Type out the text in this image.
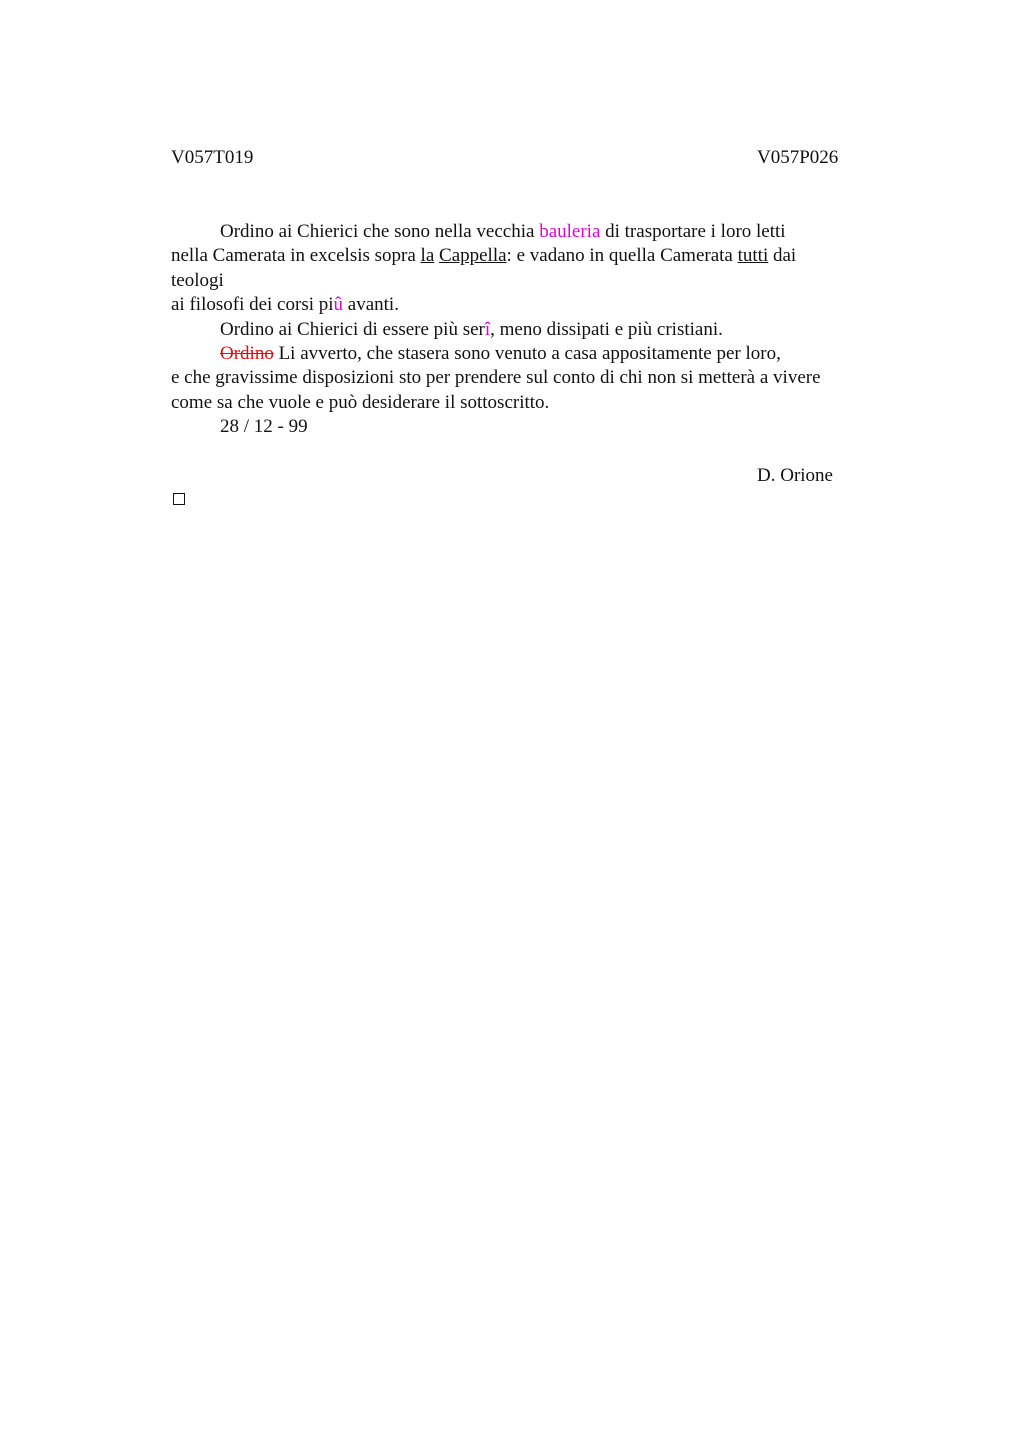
V057T019	V057P026
Ordino ai Chierici che sono nella vecchia bauleria di trasportare i loro letti
nella Camerata in excelsis sopra la Cappella: e vadano in quella Camerata tutti dai
teologi
ai filosofi dei corsi piû avanti.
Ordino ai Chierici di essere più serî, meno dissipati e più cristiani.
Ordino Li avverto, che stasera sono venuto a casa appositamente per loro,
e che gravissime disposizioni sto per prendere sul conto di chi non si metterà a vivere
come sa che vuole e può desiderare il sottoscritto.
28 / 12 - 99
D. Orione
